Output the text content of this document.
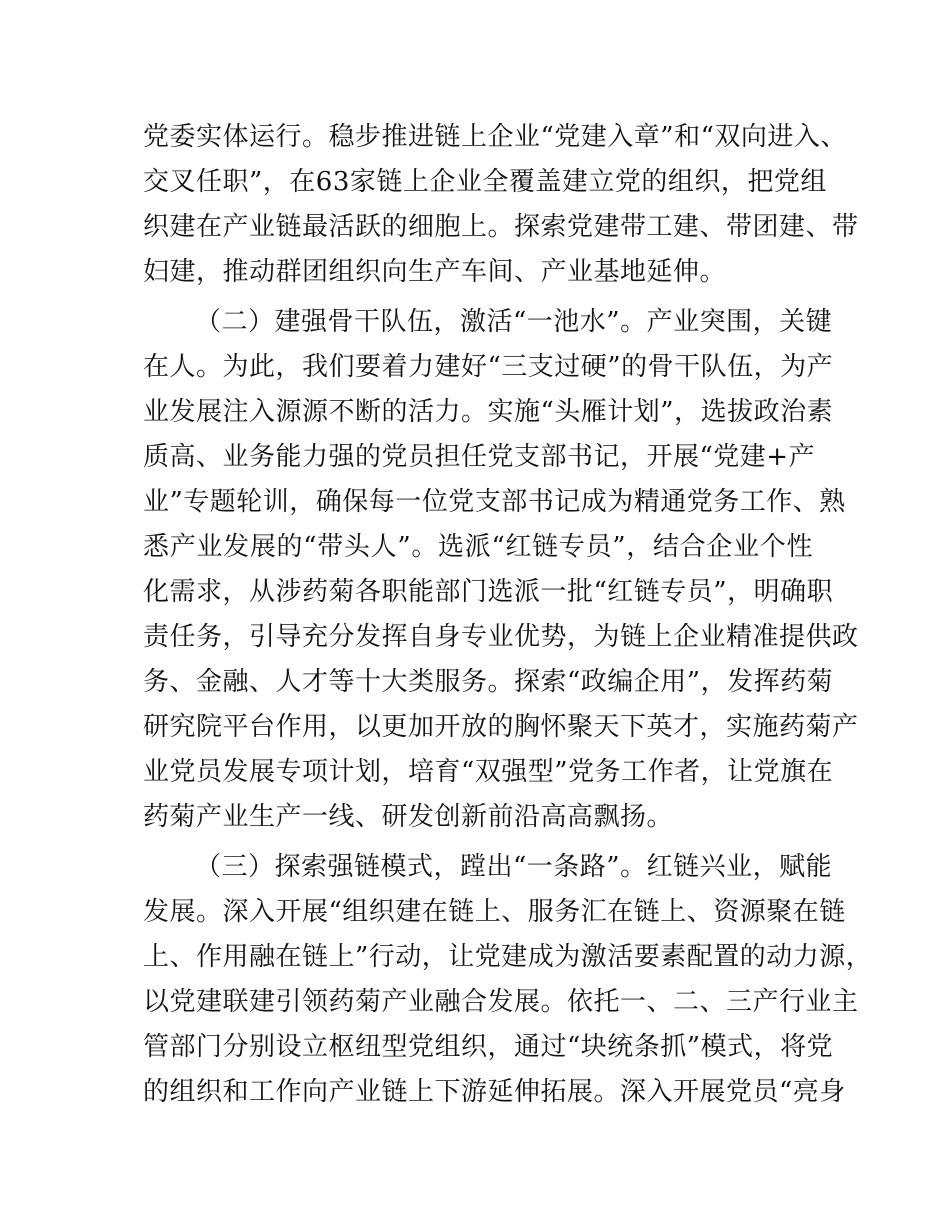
党委实体运行。稳步推进链上企业“党建入章”和“双向进入、
交叉任职”，在63家链上企业全覆盖建立党的组织，把党组
织建在产业链最活跃的细胞上。探索党建带工建、带团建、带
妇建，推动群团组织向生产车间、产业基地延伸。
（二）建强骨干队伍，激活“一池水”。产业突围，关键
在人。为此，我们要着力建好“三支过硬”的骨干队伍，为产
业发展注入源源不断的活力。实施“头雁计划”，选拔政治素
质高、业务能力强的党员担任党支部书记，开展“党建+产
业”专题轮训，确保每一位党支部书记成为精通党务工作、熟
悉产业发展的“带头人”。选派“红链专员”，结合企业个性
化需求，从涉药菊各职能部门选派一批“红链专员”，明确职
责任务，引导充分发挥自身专业优势，为链上企业精准提供政
务、金融、人才等十大类服务。探索“政编企用”，发挥药菊
研究院平台作用，以更加开放的胸怀聚天下英才，实施药菊产
业党员发展专项计划，培育“双强型”党务工作者，让党旗在
药菊产业生产一线、研发创新前沿高高飘扬。
（三）探索强链模式，蹚出“一条路”。红链兴业，赋能
发展。深入开展“组织建在链上、服务汇在链上、资源聚在链
上、作用融在链上”行动，让党建成为激活要素配置的动力源，
以党建联建引领药菊产业融合发展。依托一、二、三产行业主
管部门分别设立枢纽型党组织，通过“块统条抓”模式，将党
的组织和工作向产业链上下游延伸拓展。深入开展党员“亮身
